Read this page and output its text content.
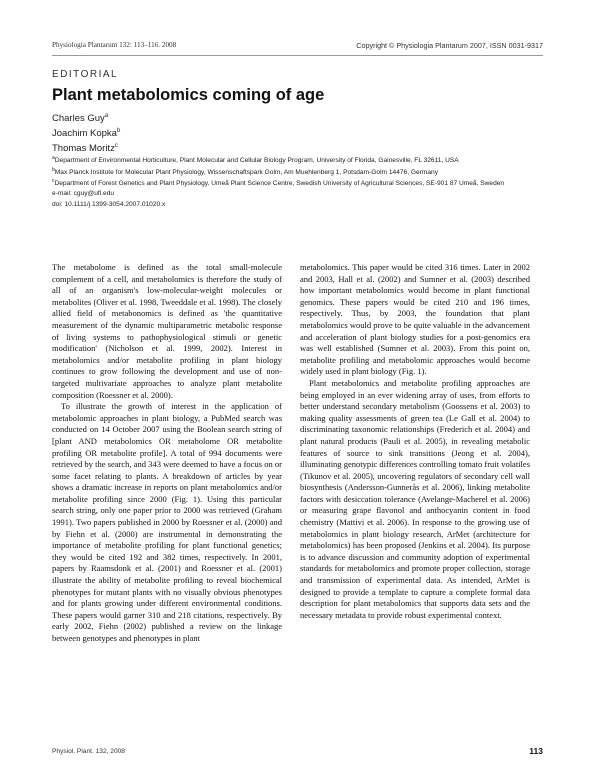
Physiologia Plantarum 132: 113–116. 2008	Copyright © Physiologia Plantarum 2007, ISSN 0031-9317
EDITORIAL
Plant metabolomics coming of age
Charles Guy$^a$
Joachim Kopka$^b$
Thomas Moritz$^c$
$^a$Department of Environmental Horticulture, Plant Molecular and Cellular Biology Program, University of Florida, Gainesville, FL 32611, USA
$^b$Max Planck Institute for Molecular Plant Physiology, Wissenschaftspark Golm, Am Muehlenberg 1, Potsdam-Golm 14476, Germany
$^c$Department of Forest Genetics and Plant Physiology, Umeå Plant Science Centre, Swedish University of Agricultural Sciences, SE-901 87 Umeå, Sweden
e-mail: cguy@ufl.edu
doi: 10.1111/j.1399-3054.2007.01020.x

The metabolome is defined as the total small-molecule complement of a cell, and metabolomics is therefore the study of all of an organism's low-molecular-weight molecules or metabolites (Oliver et al. 1998, Tweeddale et al. 1998). The closely allied field of metabonomics is defined as 'the quantitative measurement of the dynamic multiparametric metabolic response of living systems to pathophysiological stimuli or genetic modification' (Nicholson et al. 1999, 2002). Interest in metabolomics and/or metabolite profiling in plant biology continues to grow following the development and use of non-targeted multivariate approaches to analyze plant metabolite composition (Roessner et al. 2000).

To illustrate the growth of interest in the application of metabolomic approaches in plant biology, a PubMed search was conducted on 14 October 2007 using the Boolean search string of [plant AND metabolomics OR metabolome OR metabolite profiling OR metabolite profile]. A total of 994 documents were retrieved by the search, and 343 were deemed to have a focus on or some facet relating to plants. A breakdown of articles by year shows a dramatic increase in reports on plant metabolomics and/or metabolite profiling since 2000 (Fig. 1). Using this particular search string, only one paper prior to 2000 was retrieved (Graham 1991). Two papers published in 2000 by Roessner et al. (2000) and by Fiehn et al. (2000) are instrumental in demonstrating the importance of metabolite profiling for plant functional genetics; they would be cited 192 and 382 times, respectively. In 2001, papers by Raamsdonk et al. (2001) and Roessner et al. (2001) illustrate the ability of metabolite profiling to reveal biochemical phenotypes for mutant plants with no visually obvious phenotypes and for plants growing under different environmental conditions. These papers would garner 310 and 218 citations, respectively. By early 2002, Fiehn (2002) published a review on the linkage between genotypes and phenotypes in plant

metabolomics. This paper would be cited 316 times. Later in 2002 and 2003, Hall et al. (2002) and Sumner et al. (2003) described how important metabolomics would become in plant functional genomics. These papers would be cited 210 and 196 times, respectively. Thus, by 2003, the foundation that plant metabolomics would prove to be quite valuable in the advancement and acceleration of plant biology studies for a post-genomics era was well established (Sumner et al. 2003). From this point on, metabolite profiling and metabolomic approaches would become widely used in plant biology (Fig. 1).

Plant metabolomics and metabolite profiling approaches are being employed in an ever widening array of uses, from efforts to better understand secondary metabolism (Goossens et al. 2003) to making quality assessments of green tea (Le Gall et al. 2004) to discriminating taxonomic relationships (Frederich et al. 2004) and plant natural products (Pauli et al. 2005), in revealing metabolic features of source to sink transitions (Jeong et al. 2004), illuminating genotypic differences controlling tomato fruit volatiles (Tikunov et al. 2005), uncovering regulators of secondary cell wall biosynthesis (Andersson-Gunnerås et al. 2006), linking metabolite factors with desiccation tolerance (Avelange-Macherel et al. 2006) or measuring grape flavonol and anthocyanin content in food chemistry (Mattivi et al. 2006). In response to the growing use of metabolomics in plant biology research, ArMet (architecture for metabolomics) has been proposed (Jenkins et al. 2004). Its purpose is to advance discussion and community adoption of experimental standards for metabolomics and promote proper collection, storage and transmission of experimental data. As intended, ArMet is designed to provide a template to capture a complete formal data description for plant metabolomics that supports data sets and the necessary metadata to provide robust experimental context.

Physiol. Plant. 132, 2008	113
